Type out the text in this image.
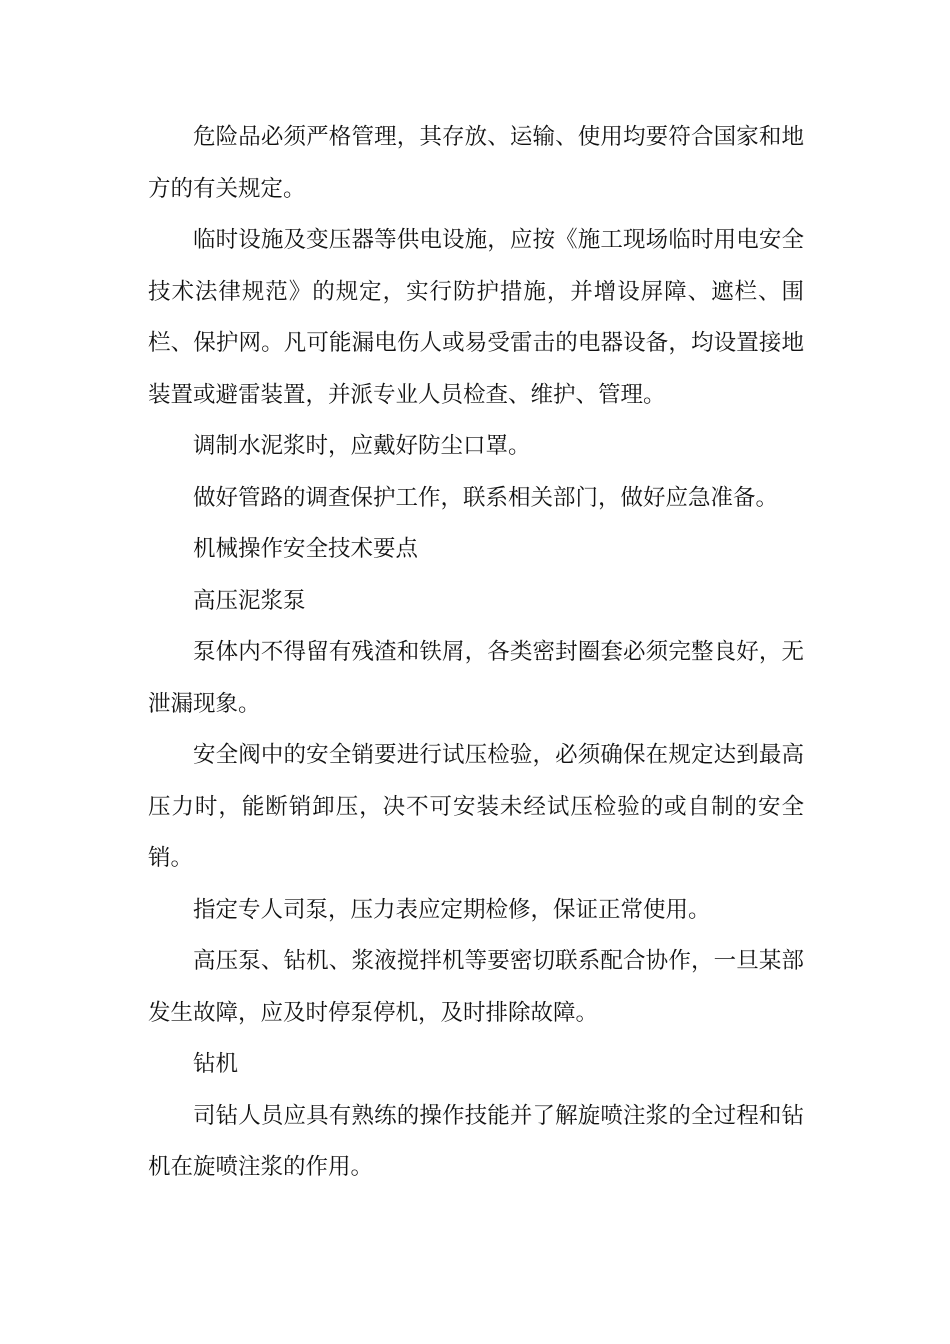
危险品必须严格管理，其存放、运输、使用均要符合国家和地方的有关规定。

临时设施及变压器等供电设施，应按《施工现场临时用电安全技术法律规范》的规定，实行防护措施，并增设屏障、遮栏、围栏、保护网。凡可能漏电伤人或易受雷击的电器设备，均设置接地装置或避雷装置，并派专业人员检查、维护、管理。

调制水泥浆时，应戴好防尘口罩。

做好管路的调查保护工作，联系相关部门，做好应急准备。

机械操作安全技术要点

高压泥浆泵

泵体内不得留有残渣和铁屑，各类密封圈套必须完整良好，无泄漏现象。

安全阀中的安全销要进行试压检验，必须确保在规定达到最高压力时，能断销卸压，决不可安装未经试压检验的或自制的安全销。

指定专人司泵，压力表应定期检修，保证正常使用。

高压泵、钻机、浆液搅拌机等要密切联系配合协作，一旦某部发生故障，应及时停泵停机，及时排除故障。

钻机

司钻人员应具有熟练的操作技能并了解旋喷注浆的全过程和钻机在旋喷注浆的作用。
